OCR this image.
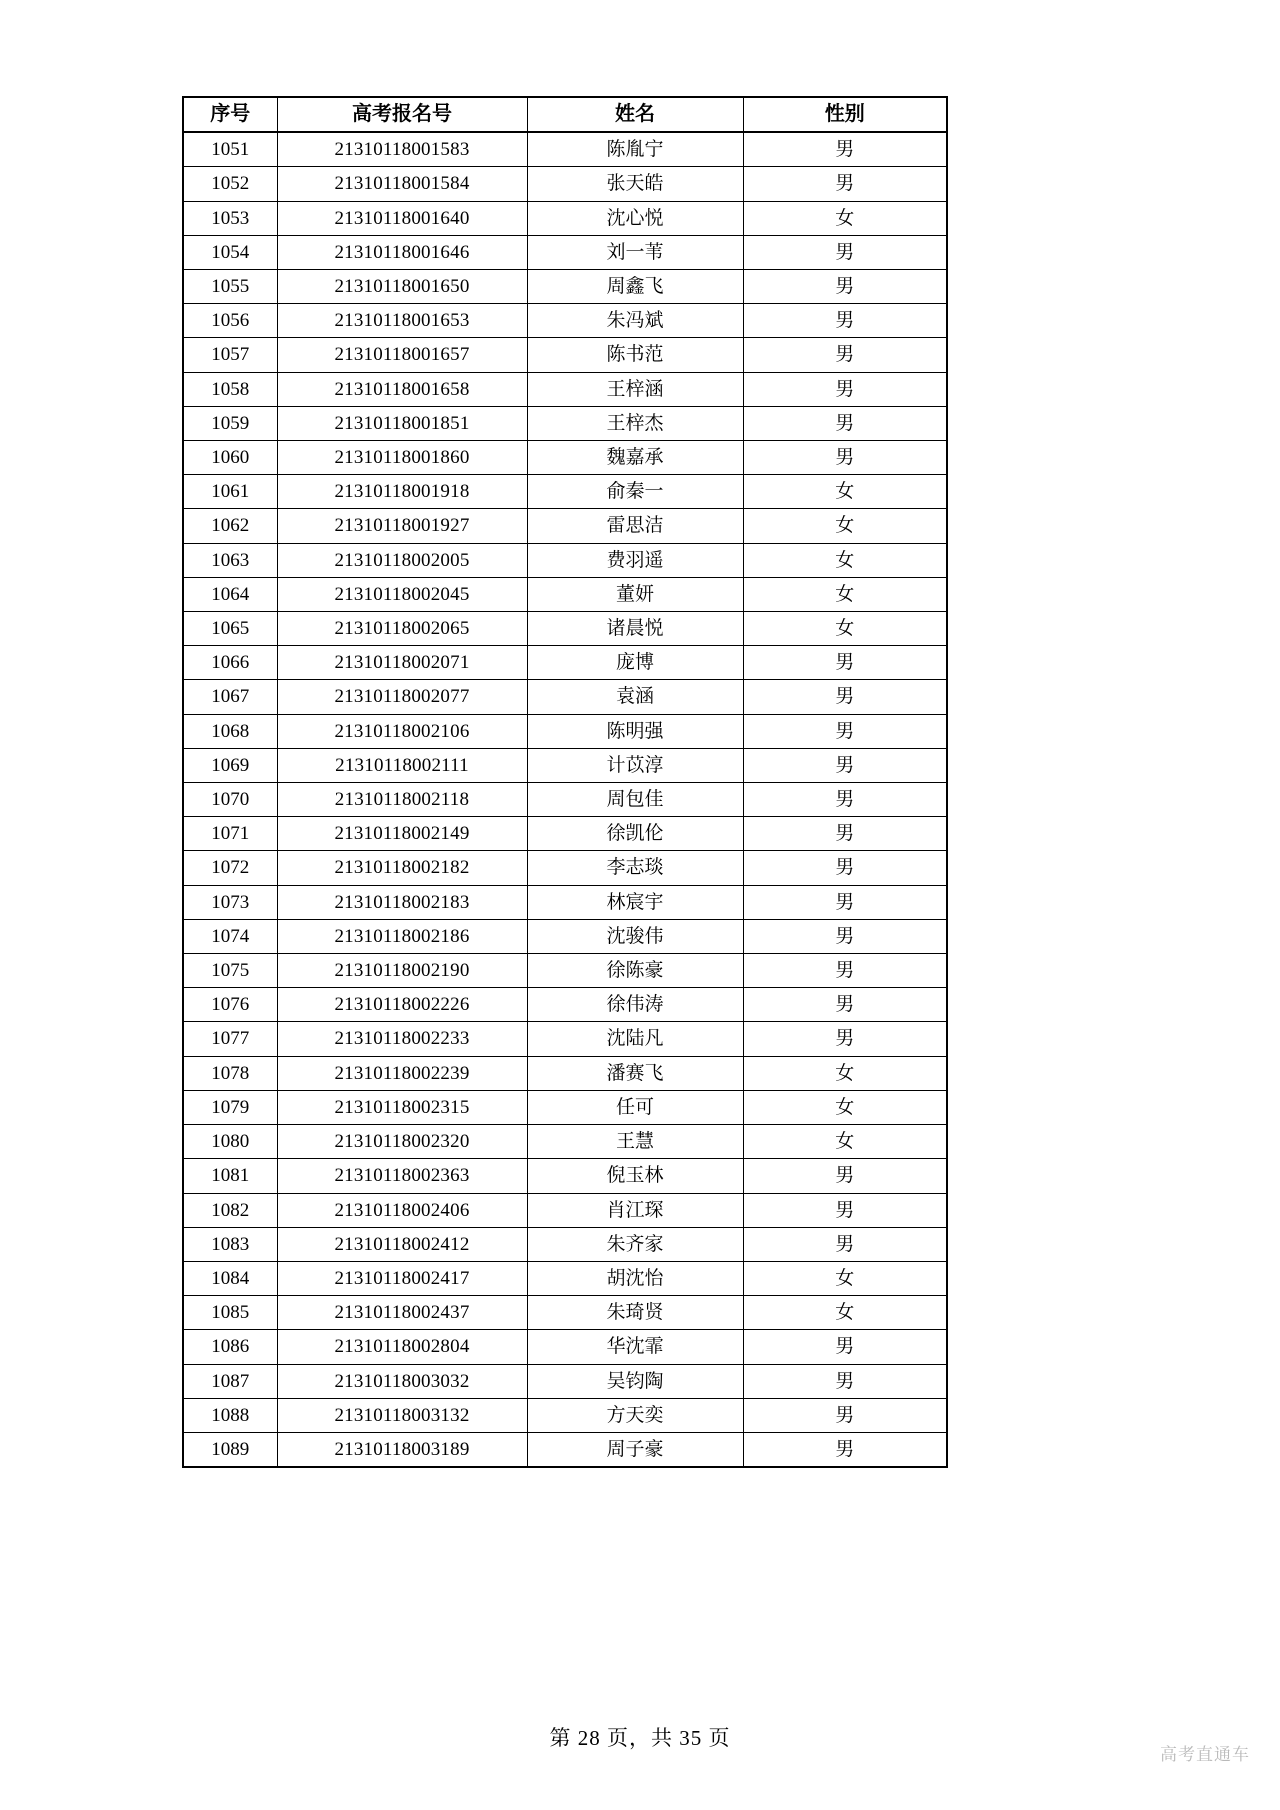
序号	高考报名号	姓名	性别
1051	21310118001583	陈胤宁	男
1052	21310118001584	张天皓	男
1053	21310118001640	沈心悦	女
1054	21310118001646	刘一苇	男
1055	21310118001650	周鑫飞	男
1056	21310118001653	朱冯斌	男
1057	21310118001657	陈书范	男
1058	21310118001658	王梓涵	男
1059	21310118001851	王梓杰	男
1060	21310118001860	魏嘉承	男
1061	21310118001918	俞秦一	女
1062	21310118001927	雷思洁	女
1063	21310118002005	费羽遥	女
1064	21310118002045	董妍	女
1065	21310118002065	诸晨悦	女
1066	21310118002071	庞博	男
1067	21310118002077	袁涵	男
1068	21310118002106	陈明强	男
1069	21310118002111	计苡淳	男
1070	21310118002118	周包佳	男
1071	21310118002149	徐凯伦	男
1072	21310118002182	李志琰	男
1073	21310118002183	林宸宇	男
1074	21310118002186	沈骏伟	男
1075	21310118002190	徐陈豪	男
1076	21310118002226	徐伟涛	男
1077	21310118002233	沈陆凡	男
1078	21310118002239	潘赛飞	女
1079	21310118002315	任可	女
1080	21310118002320	王慧	女
1081	21310118002363	倪玉林	男
1082	21310118002406	肖江琛	男
1083	21310118002412	朱齐家	男
1084	21310118002417	胡沈怡	女
1085	21310118002437	朱琦贤	女
1086	21310118002804	华沈霏	男
1087	21310118003032	吴钧陶	男
1088	21310118003132	方天奕	男
1089	21310118003189	周子豪	男
第 28 页，共 35 页
高考直通车
